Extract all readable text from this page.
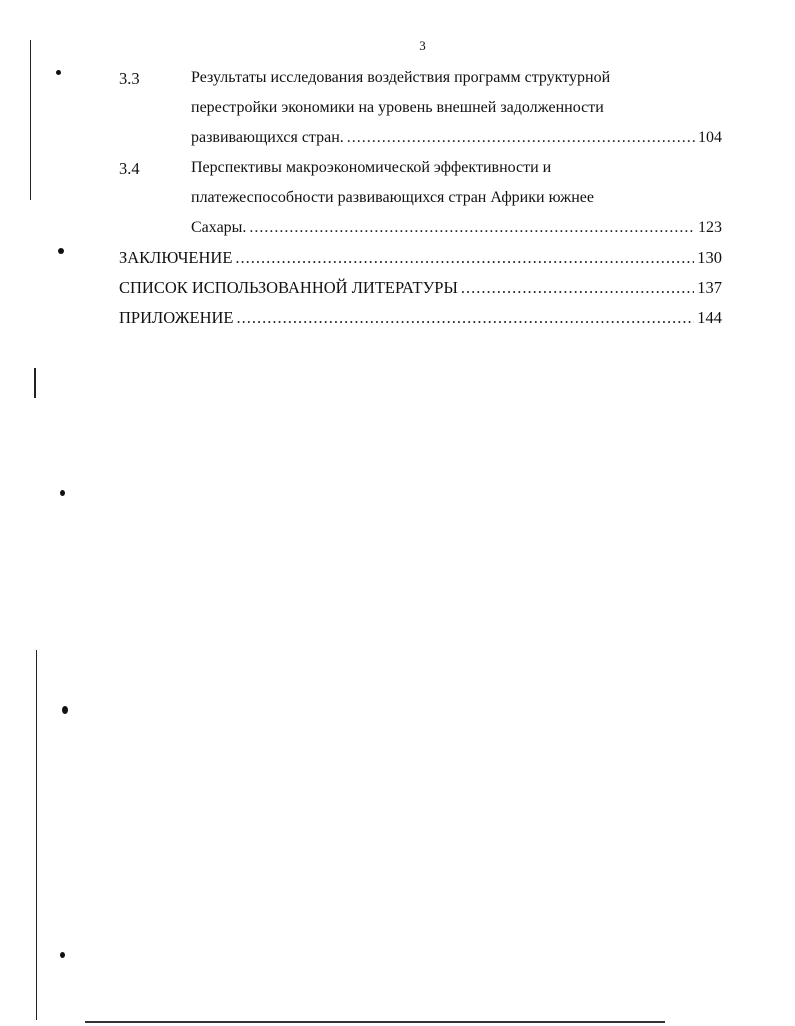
3
3.3	Результаты исследования воздействия программ структурной
перестройки экономики на уровень внешней задолженности
развивающихся стран. .....	104
3.4	Перспективы макроэкономической эффективности и
платежеспособности развивающихся стран Африки южнее
Сахары. .....	123
ЗАКЛЮЧЕНИЕ .....	130
СПИСОК ИСПОЛЬЗОВАННОЙ ЛИТЕРАТУРЫ .....	137
ПРИЛОЖЕНИЕ .....	144
